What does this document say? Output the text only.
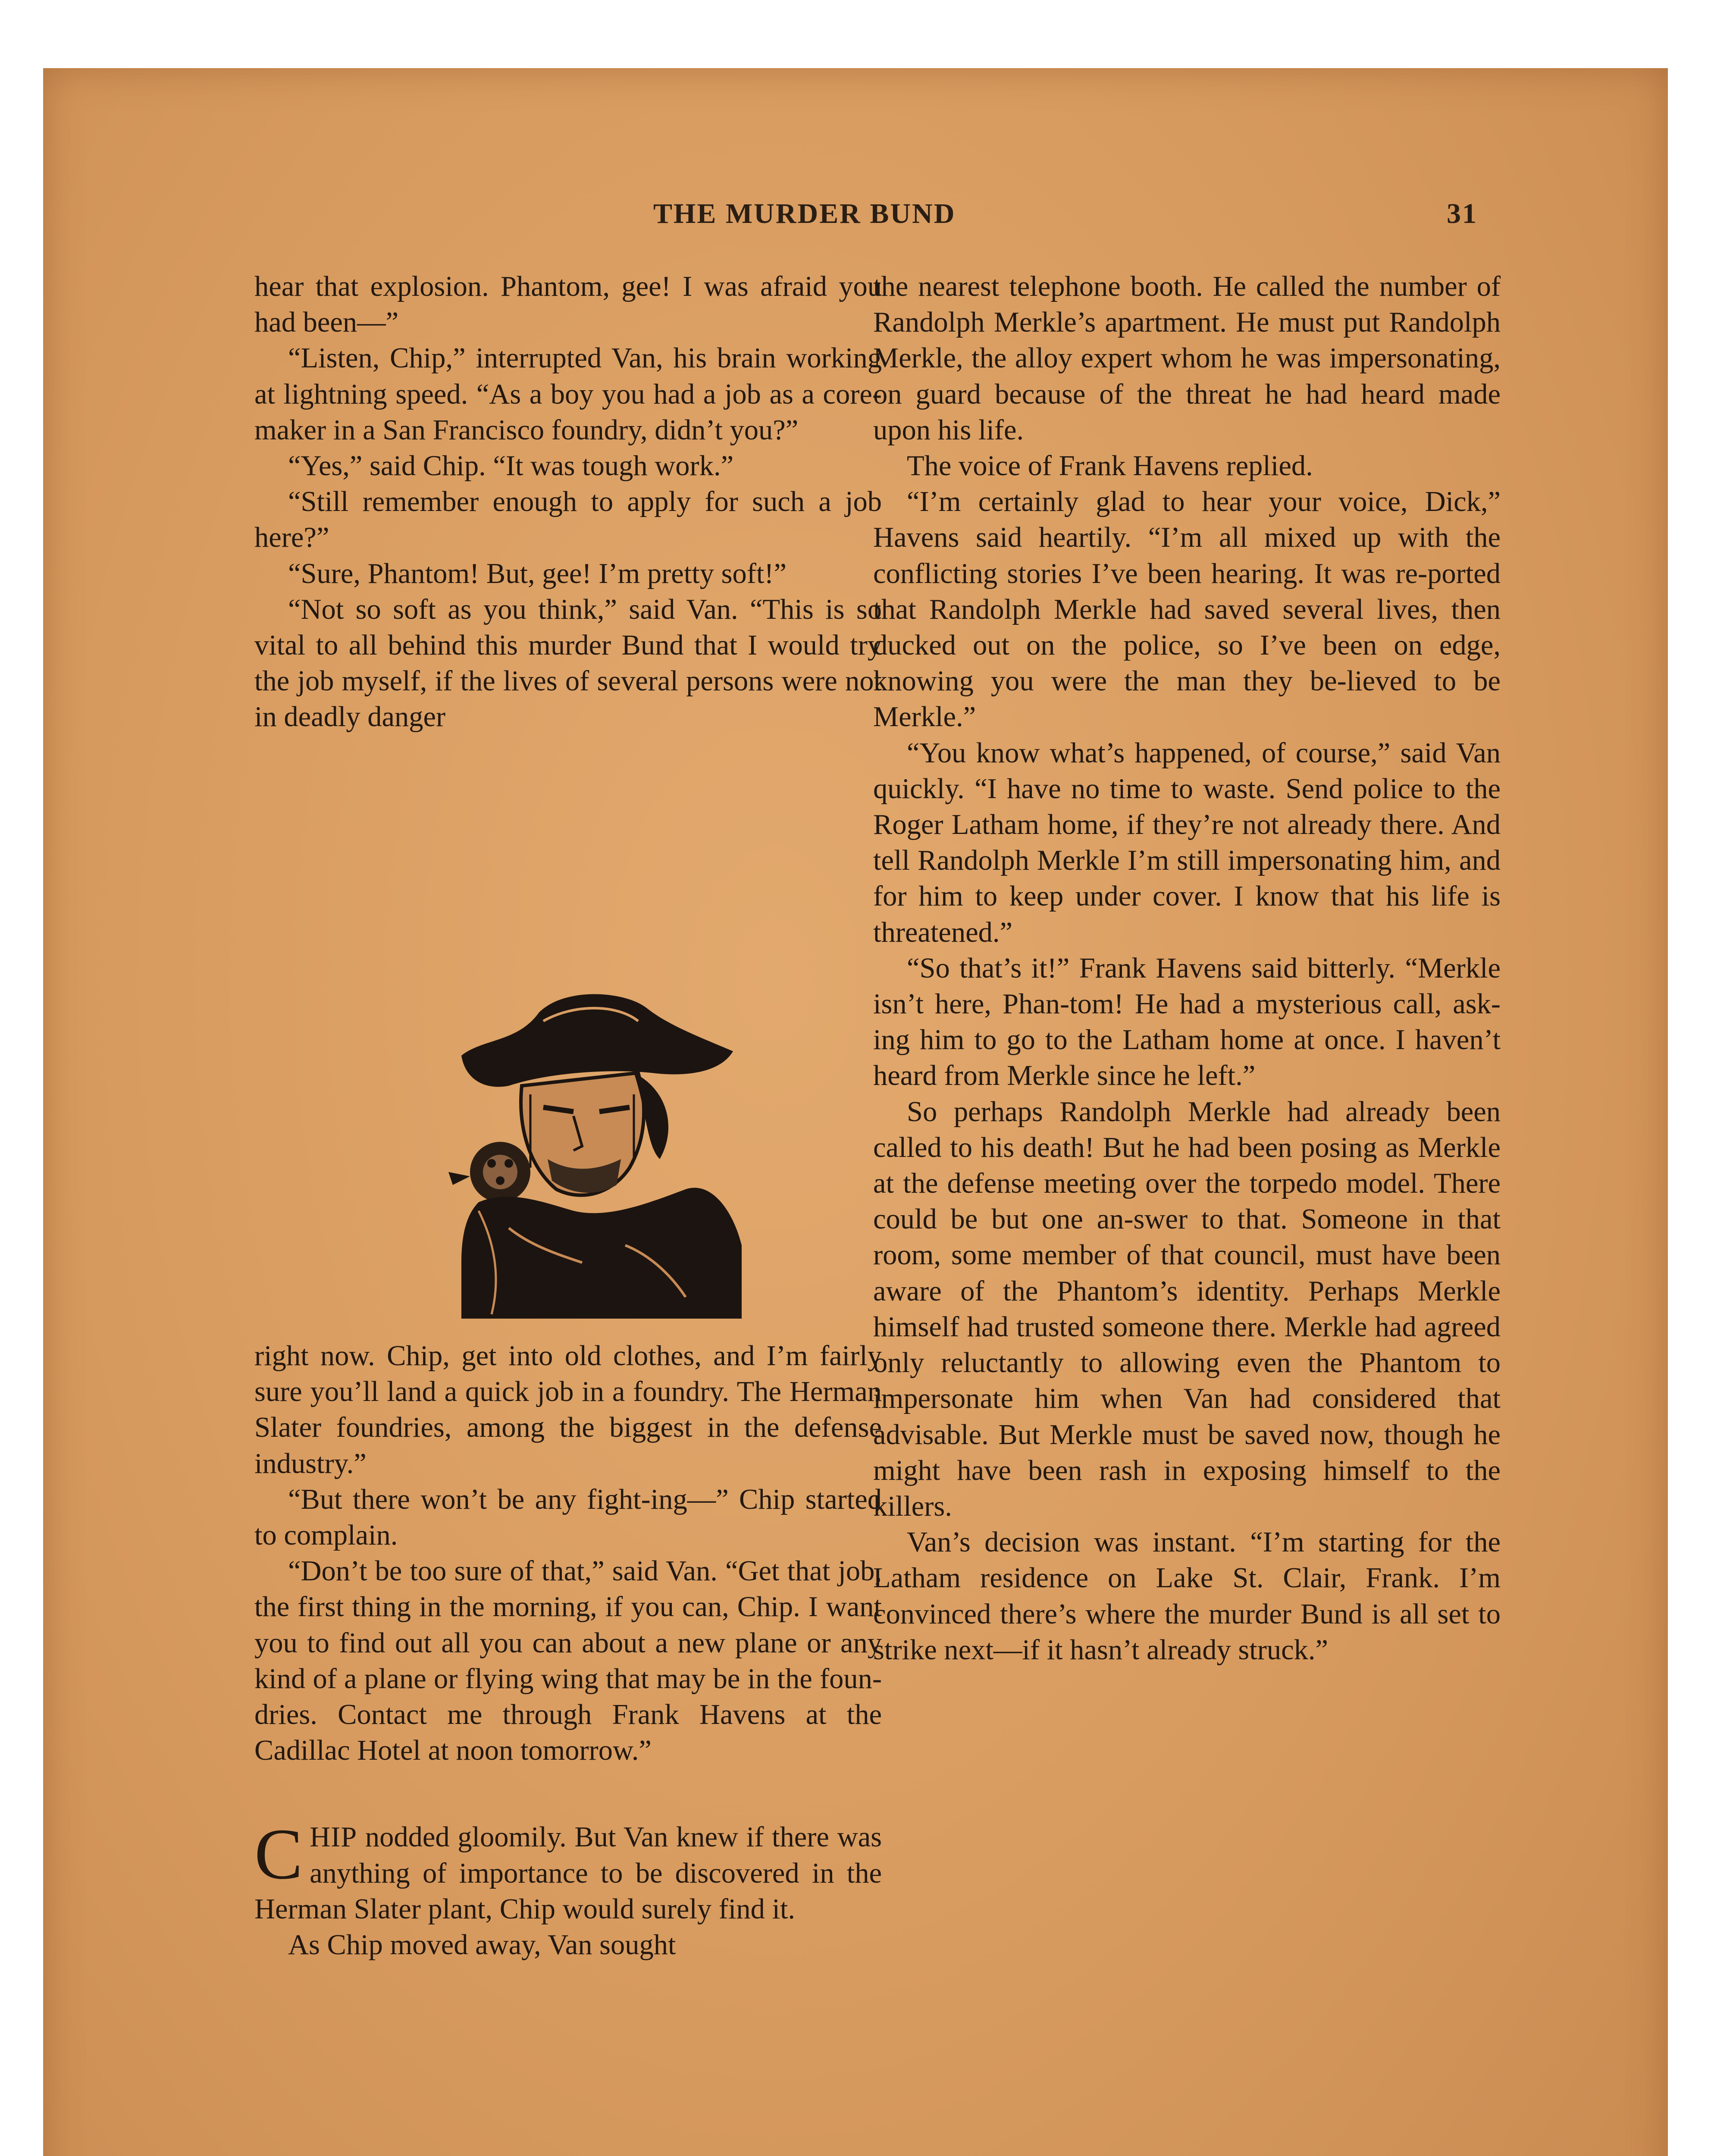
THE MURDER BUND	31

hear that explosion. Phantom, gee! I was afraid you had been—”

“Listen, Chip,” interrupted Van, his brain working at lightning speed. “As a boy you had a job as a core-maker in a San Francisco foundry, didn’t you?”

“Yes,” said Chip. “It was tough work.”

“Still remember enough to apply for such a job here?”

“Sure, Phantom! But, gee! I’m pretty soft!”

“Not so soft as you think,” said Van. “This is so vital to all behind this murder Bund that I would try the job myself, if the lives of several persons were not in deadly danger

right now. Chip, get into old clothes, and I’m fairly sure you’ll land a quick job in a foundry. The Herman Slater foundries, among the biggest in the defense industry.”

“But there won’t be any fight-ing—” Chip started to complain.

“Don’t be too sure of that,” said Van. “Get that job, the first thing in the morning, if you can, Chip. I want you to find out all you can about a new plane or any kind of a plane or flying wing that may be in the foun-dries. Contact me through Frank Havens at the Cadillac Hotel at noon tomorrow.”

CHIP nodded gloomily. But Van knew if there was anything of importance to be discovered in the Herman Slater plant, Chip would surely find it.

As Chip moved away, Van sought

the nearest telephone booth. He called the number of Randolph Merkle’s apartment. He must put Randolph Merkle, the alloy expert whom he was impersonating, on guard because of the threat he had heard made upon his life.

The voice of Frank Havens replied.

“I’m certainly glad to hear your voice, Dick,” Havens said heartily. “I’m all mixed up with the conflicting stories I’ve been hearing. It was re-ported that Randolph Merkle had saved several lives, then ducked out on the police, so I’ve been on edge, knowing you were the man they be-lieved to be Merkle.”

“You know what’s happened, of course,” said Van quickly. “I have no time to waste. Send police to the Roger Latham home, if they’re not already there. And tell Randolph Merkle I’m still impersonating him, and for him to keep under cover. I know that his life is threatened.”

“So that’s it!” Frank Havens said bitterly. “Merkle isn’t here, Phan-tom! He had a mysterious call, ask-ing him to go to the Latham home at once. I haven’t heard from Merkle since he left.”

So perhaps Randolph Merkle had already been called to his death! But he had been posing as Merkle at the defense meeting over the torpedo model. There could be but one an-swer to that. Someone in that room, some member of that council, must have been aware of the Phantom’s identity. Perhaps Merkle himself had trusted someone there. Merkle had agreed only reluctantly to allowing even the Phantom to impersonate him when Van had considered that advisable. But Merkle must be saved now, though he might have been rash in exposing himself to the killers.

Van’s decision was instant. “I’m starting for the Latham residence on Lake St. Clair, Frank. I’m convinced there’s where the murder Bund is all set to strike next—if it hasn’t already struck.”
